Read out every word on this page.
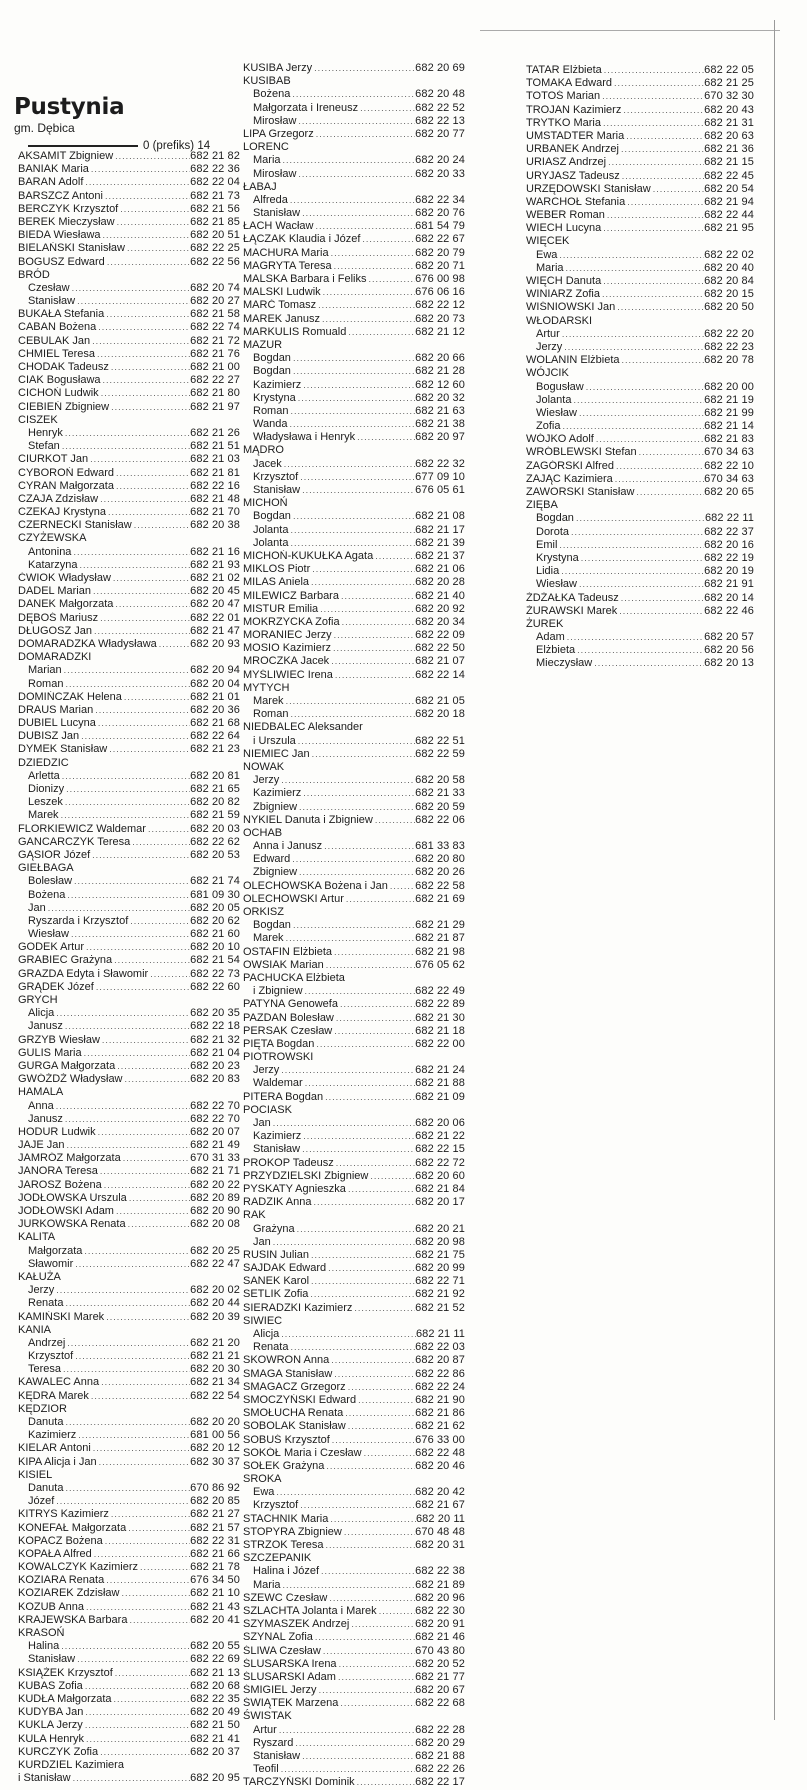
Pustynia
gm. Dębica
0 (prefiks) 14
AKSAMIT Zbigniew .....	682 21 82
BANIAK Maria .....	682 22 36
BARAN Adolf .....	682 22 04
BARSZCZ Antoni .....	682 21 73
BERCZYK Krzysztof .....	682 21 56
BEREK Mieczysław .....	682 21 85
BIEDA Wiesława .....	682 20 51
BIELAŃSKI Stanisław .....	682 22 25
BOGUSZ Edward .....	682 22 56
BRÓD
Czesław .....	682 20 74
Stanisław .....	682 20 27
BUKAŁA Stefania .....	682 21 58
CABAN Bożena .....	682 22 74
CEBULAK Jan .....	682 21 72
CHMIEL Teresa .....	682 21 76
CHODAK Tadeusz .....	682 21 00
CIAK Bogusława .....	682 22 27
CICHOŃ Ludwik .....	682 21 80
CIEBIEŃ Zbigniew .....	682 21 97
CISZEK
Henryk .....	682 21 26
Stefan .....	682 21 51
CIURKOT Jan .....	682 21 03
CYBOROŃ Edward .....	682 21 81
CYRAN Małgorzata .....	682 22 16
CZAJA Zdzisław .....	682 21 48
CZEKAJ Krystyna .....	682 21 70
CZERNECKI Stanisław .....	682 20 38
CZYŻEWSKA
Antonina .....	682 21 16
Katarzyna .....	682 21 93
ĆWIOK Władysław .....	682 21 02
DADEL Marian .....	682 20 45
DANEK Małgorzata .....	682 20 47
DĘBOŚ Mariusz .....	682 22 01
DŁUGOSZ Jan .....	682 21 47
DOMARADZKA Władysława .....	682 20 93
DOMARADZKI
Marian .....	682 20 94
Roman .....	682 20 04
DOMIŃCZAK Helena .....	682 21 01
DRAUS Marian .....	682 20 36
DUBIEL Lucyna .....	682 21 68
DUBISZ Jan .....	682 22 64
DYMEK Stanisław .....	682 21 23
DZIEDZIC
Arletta .....	682 20 81
Dionizy .....	682 21 65
Leszek .....	682 20 82
Marek .....	682 21 59
FLORKIEWICZ Waldemar .....	682 20 03
GANCARCZYK Teresa .....	682 22 62
GĄSIOR Józef .....	682 20 53
GIEŁBAGA
Bolesław .....	682 21 74
Bożena .....	681 09 30
Jan .....	682 20 05
Ryszarda i Krzysztof .....	682 20 62
Wiesław .....	682 21 60
GODEK Artur .....	682 20 10
GRABIEC Grażyna .....	682 21 54
GRAZDA Edyta i Sławomir .....	682 22 73
GRĄDEK Józef .....	682 22 60
GRYCH
Alicja .....	682 20 35
Janusz .....	682 22 18
GRZYB Wiesław .....	682 21 32
GULIS Maria .....	682 21 04
GURGA Małgorzata .....	682 20 23
GWÓŹDŹ Władysław .....	682 20 83
HAMALA
Anna .....	682 22 70
Janusz .....	682 22 70
HODUR Ludwik .....	682 20 07
JAJE Jan .....	682 21 49
JAMRÓZ Małgorzata .....	670 31 33
JANORA Teresa .....	682 21 71
JAROSZ Bożena .....	682 20 22
JODŁOWSKA Urszula .....	682 20 89
JODŁOWSKI Adam .....	682 20 90
JURKOWSKA Renata .....	682 20 08
KALITA
Małgorzata .....	682 20 25
Sławomir .....	682 22 47
KAŁUŻA
Jerzy .....	682 20 02
Renata .....	682 20 44
KAMIŃSKI Marek .....	682 20 39
KANIA
Andrzej .....	682 21 20
Krzysztof .....	682 21 21
Teresa .....	682 20 30
KAWALEC Anna .....	682 21 34
KĘDRA Marek .....	682 22 54
KĘDZIOR
Danuta .....	682 20 20
Kazimierz .....	681 00 56
KIELAR Antoni .....	682 20 12
KIPA Alicja i Jan .....	682 30 37
KISIEL
Danuta .....	670 86 92
Józef .....	682 20 85
KITRYS Kazimierz .....	682 21 27
KONEFAŁ Małgorzata .....	682 21 57
KOPACZ Bożena .....	682 22 31
KOPAŁA Alfred .....	682 21 66
KOWALCZYK Kazimierz .....	682 21 78
KOZIARA Renata .....	676 34 50
KOZIAREK Zdzisław .....	682 21 10
KOZUB Anna .....	682 21 43
KRAJEWSKA Barbara .....	682 20 41
KRASOŃ
Halina .....	682 20 55
Stanisław .....	682 22 69
KSIĄŻEK Krzysztof .....	682 21 13
KUBAS Zofia .....	682 20 68
KUDŁA Małgorzata .....	682 22 35
KUDYBA Jan .....	682 20 49
KUKLA Jerzy .....	682 21 50
KULA Henryk .....	682 21 41
KURCZYK Zofia .....	682 20 37
KURDZIEL Kazimiera
i Stanisław .....	682 20 95
KUSIBA Jerzy .....	682 20 69
KUSIBAB
Bożena .....	682 20 48
Małgorzata i Ireneusz .....	682 22 52
Mirosław .....	682 22 13
LIPA Grzegorz .....	682 20 77
LORENC
Maria .....	682 20 24
Mirosław .....	682 20 33
ŁABAJ
Alfreda .....	682 22 34
Stanisław .....	682 20 76
ŁACH Wacław .....	681 54 79
ŁĄCZAK Klaudia i Józef .....	682 22 67
MACHURA Maria .....	682 20 79
MAGRYTA Teresa .....	682 20 71
MALSKA Barbara i Feliks .....	676 00 98
MALSKI Ludwik .....	676 06 16
MARĆ Tomasz .....	682 22 12
MAREK Janusz .....	682 20 73
MARKULIS Romuald .....	682 21 12
MAZUR
Bogdan .....	682 20 66
Bogdan .....	682 21 28
Kazimierz .....	682 12 60
Krystyna .....	682 20 32
Roman .....	682 21 63
Wanda .....	682 21 38
Władysława i Henryk .....	682 20 97
MĄDRO
Jacek .....	682 22 32
Krzysztof .....	677 09 10
Stanisław .....	676 05 61
MICHOŃ
Bogdan .....	682 21 08
Jolanta .....	682 21 17
Jolanta .....	682 21 39
MICHOŃ-KUKUŁKA Agata .....	682 21 37
MIKLOS Piotr .....	682 21 06
MILAS Aniela .....	682 20 28
MILEWICZ Barbara .....	682 21 40
MISTUR Emilia .....	682 20 92
MOKRZYCKA Zofia .....	682 20 34
MORANIEC Jerzy .....	682 22 09
MOSIO Kazimierz .....	682 22 50
MROCZKA Jacek .....	682 21 07
MYŚLIWIEC Irena .....	682 22 14
MYTYCH
Marek .....	682 21 05
Roman .....	682 20 18
NIEDBALEC Aleksander
i Urszula .....	682 22 51
NIEMIEC Jan .....	682 22 59
NOWAK
Jerzy .....	682 20 58
Kazimierz .....	682 21 33
Zbigniew .....	682 20 59
NYKIEL Danuta i Zbigniew .....	682 22 06
OCHAB
Anna i Janusz .....	681 33 83
Edward .....	682 20 80
Zbigniew .....	682 20 26
OLECHOWSKA Bożena i Jan ..... 682 22 58
OLECHOWSKI Artur .....	682 21 69
ORKISZ
Bogdan .....	682 21 29
Marek .....	682 21 87
OSTAFIN Elżbieta .....	682 21 98
OWSIAK Marian .....	676 05 62
PACHUCKA Elżbieta
i Zbigniew .....	682 22 49
PATYNA Genowefa .....	682 22 89
PAZDAN Bolesław .....	682 21 30
PERSAK Czesław .....	682 21 18
PIĘTA Bogdan .....	682 22 00
PIOTROWSKI
Jerzy .....	682 21 24
Waldemar .....	682 21 88
PITERA Bogdan .....	682 21 09
POCIASK
Jan .....	682 20 06
Kazimierz .....	682 21 22
Stanisław .....	682 22 15
PROKOP Tadeusz .....	682 22 72
PRZYDZIELSKI Zbigniew .....	682 20 60
PYSKATY Agnieszka .....	682 21 84
RADZIK Anna .....	682 20 17
RAK
Grażyna .....	682 20 21
Jan .....	682 20 98
RUSIN Julian .....	682 21 75
SAJDAK Edward .....	682 20 99
SANEK Karol .....	682 22 71
SETLIK Zofia .....	682 21 92
SIERADZKI Kazimierz .....	682 21 52
SIWIEC
Alicja .....	682 21 11
Renata .....	682 22 03
SKOWRON Anna .....	682 20 87
SMAGA Stanisław .....	682 22 86
SMAGACZ Grzegorz .....	682 22 24
SMOCZYŃSKI Edward .....	682 21 90
SMOŁUCHA Renata .....	682 21 86
SOBOLAK Stanisław .....	682 21 62
SOBUŚ Krzysztof .....	676 33 00
SOKÓŁ Maria i Czesław .....	682 22 48
SOŁEK Grażyna .....	682 20 46
SROKA
Ewa .....	682 20 42
Krzysztof .....	682 21 67
STACHNIK Maria .....	682 20 11
STOPYRA Zbigniew .....	670 48 48
STRZOK Teresa .....	682 20 31
SZCZEPANIK
Halina i Józef .....	682 22 38
Maria .....	682 21 89
SZEWC Czesław .....	682 20 96
SZLACHTA Jolanta i Marek .....	682 22 30
SZYMASZEK Andrzej .....	682 20 91
SZYNAL Zofia .....	682 21 46
ŚLIWA Czesław .....	670 43 80
ŚLUSARSKA Irena .....	682 20 52
ŚLUSARSKI Adam .....	682 21 77
ŚMIGIEL Jerzy .....	682 20 67
ŚWIĄTEK Marzena .....	682 22 68
ŚWISTAK
Artur .....	682 22 28
Ryszard .....	682 20 29
Stanisław .....	682 21 88
Teofil .....	682 22 26
TARCZYŃSKI Dominik .....	682 22 17
TATAR Elżbieta .....	682 22 05
TOMAKA Edward .....	682 21 25
TOTOŚ Marian .....	670 32 30
TROJAN Kazimierz .....	682 20 43
TRYTKO Maria .....	682 21 31
UMSTADTER Maria .....	682 20 63
URBANEK Andrzej .....	682 21 36
URIASZ Andrzej .....	682 21 15
URYJASZ Tadeusz .....	682 22 45
URZĘDOWSKI Stanisław .....	682 20 54
WARCHOŁ Stefania .....	682 21 94
WEBER Roman .....	682 22 44
WIECH Lucyna .....	682 21 95
WIĘCEK
Ewa .....	682 22 02
Maria .....	682 20 40
WIĘCH Danuta .....	682 20 84
WINIARZ Zofia .....	682 20 15
WIŚNIOWSKI Jan .....	682 20 50
WŁODARSKI
Artur .....	682 22 20
Jerzy .....	682 22 23
WOLANIN Elżbieta .....	682 20 78
WÓJCIK
Bogusław .....	682 20 00
Jolanta .....	682 21 19
Wiesław .....	682 21 99
Zofia .....	682 21 14
WÓJKO Adolf .....	682 21 83
WRÓBLEWSKI Stefan .....	670 34 63
ZAGÓRSKI Alfred .....	682 22 10
ZAJĄC Kazimiera .....	670 34 63
ZAWORSKI Stanisław .....	682 20 65
ZIĘBA
Bogdan .....	682 22 11
Dorota .....	682 22 37
Emil .....	682 20 16
Krystyna .....	682 22 19
Lidia .....	682 20 19
Wiesław .....	682 21 91
ŻDŻAŁKA Tadeusz .....	682 20 14
ŻURAWSKI Marek .....	682 22 46
ŻUREK
Adam .....	682 20 57
Elżbieta .....	682 20 56
Mieczysław .....	682 20 13
